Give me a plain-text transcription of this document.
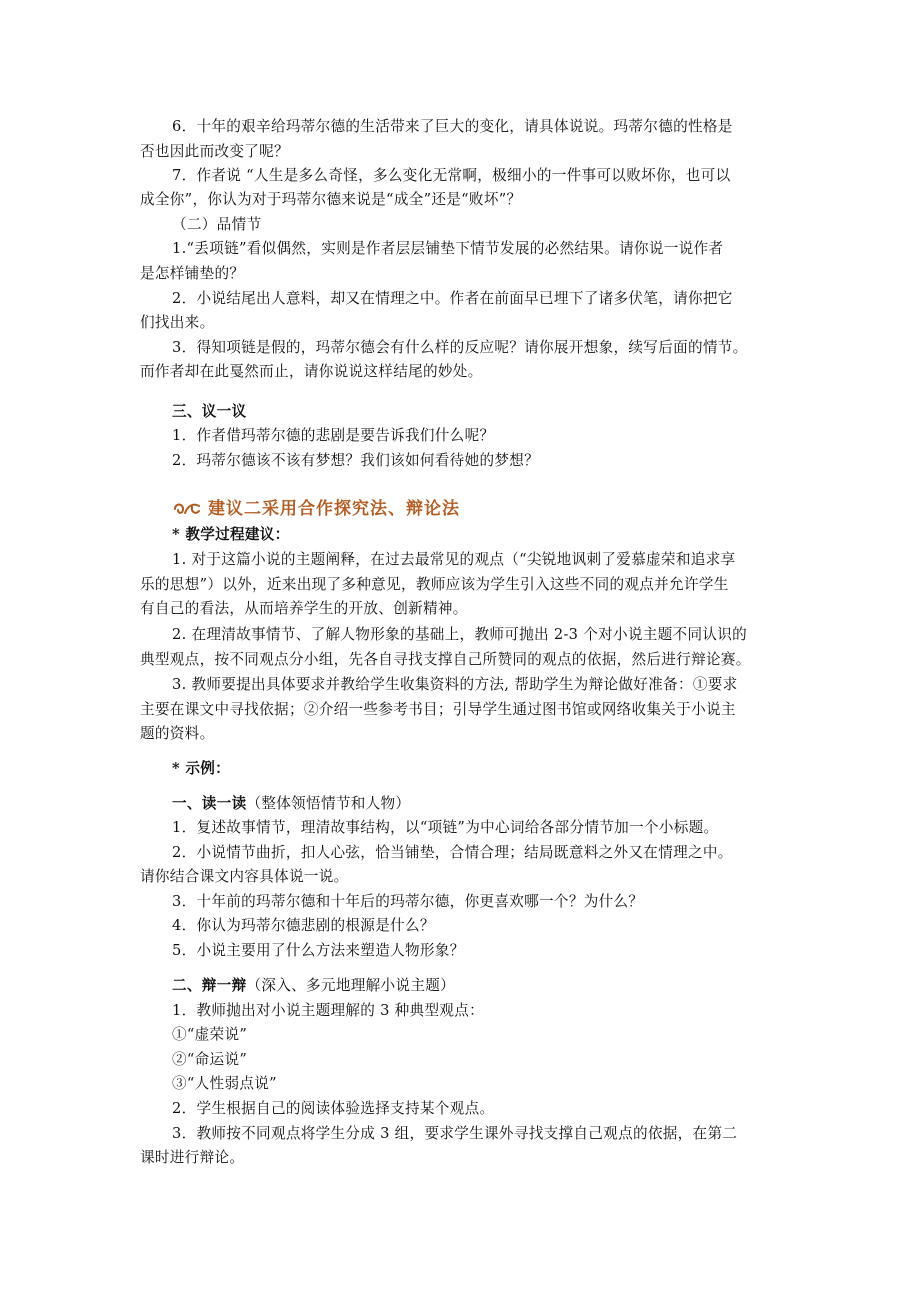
6．十年的艰辛给玛蒂尔德的生活带来了巨大的变化，请具体说说。玛蒂尔德的性格是
否也因此而改变了呢？
7．作者说 “人生是多么奇怪，多么变化无常啊，极细小的一件事可以败坏你，也可以
成全你”，你认为对于玛蒂尔德来说是“成全”还是“败坏”？
（二）品情节
1.“丢项链”看似偶然，实则是作者层层铺垫下情节发展的必然结果。请你说一说作者
是怎样铺垫的？
2．小说结尾出人意料，却又在情理之中。作者在前面早已埋下了诸多伏笔，请你把它
们找出来。
3．得知项链是假的，玛蒂尔德会有什么样的反应呢？请你展开想象，续写后面的情节。
而作者却在此戛然而止，请你说说这样结尾的妙处。
三、议一议
1．作者借玛蒂尔德的悲剧是要告诉我们什么呢？
2．玛蒂尔德该不该有梦想？我们该如何看待她的梦想？
建议二采用合作探究法、辩论法
* 教学过程建议：
1. 对于这篇小说的主题阐释，在过去最常见的观点（“尖锐地讽刺了爱慕虚荣和追求享
乐的思想”）以外，近来出现了多种意见，教师应该为学生引入这些不同的观点并允许学生
有自己的看法，从而培养学生的开放、创新精神。
2. 在理清故事情节、了解人物形象的基础上，教师可抛出 2-3 个对小说主题不同认识的
典型观点，按不同观点分小组，先各自寻找支撑自己所赞同的观点的依据，然后进行辩论赛。
3. 教师要提出具体要求并教给学生收集资料的方法, 帮助学生为辩论做好准备：①要求
主要在课文中寻找依据；②介绍一些参考书目；引导学生通过图书馆或网络收集关于小说主
题的资料。
* 示例：
一、读一读（整体领悟情节和人物）
1．复述故事情节，理清故事结构，以“项链”为中心词给各部分情节加一个小标题。
2．小说情节曲折，扣人心弦，恰当铺垫，合情合理；结局既意料之外又在情理之中。
请你结合课文内容具体说一说。
3．十年前的玛蒂尔德和十年后的玛蒂尔德，你更喜欢哪一个？为什么？
4．你认为玛蒂尔德悲剧的根源是什么？
5．小说主要用了什么方法来塑造人物形象？
二、辩一辩（深入、多元地理解小说主题）
1．教师抛出对小说主题理解的 3 种典型观点：
①“虚荣说”
②“命运说”
③“人性弱点说”
2．学生根据自己的阅读体验选择支持某个观点。
3．教师按不同观点将学生分成 3 组，要求学生课外寻找支撑自己观点的依据，在第二
课时进行辩论。
